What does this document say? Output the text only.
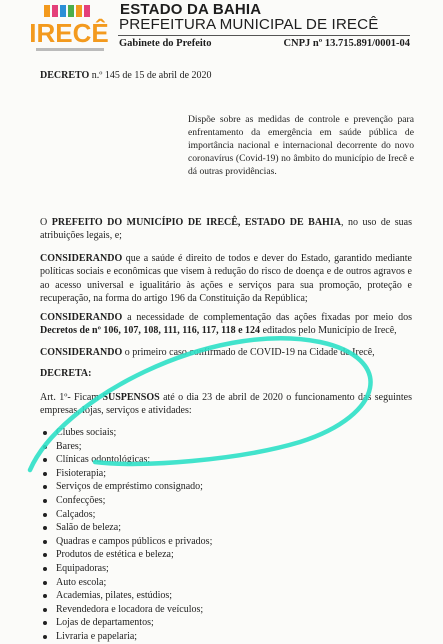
IRECÊ
ESTADO DA BAHIA
PREFEITURA MUNICIPAL DE IRECÊ
Gabinete do Prefeito	CNPJ nº 13.715.891/0001-04
DECRETO n.º 145 de 15 de abril de 2020
Dispõe sobre as medidas de controle e prevenção para enfrentamento da emergência em saúde pública de importância nacional e internacional decorrente do novo coronavírus (Covid-19) no âmbito do município de Irecê e dá outras providências.
O PREFEITO DO MUNICÍPIO DE IRECÊ, ESTADO DE BAHIA, no uso de suas atribuições legais, e;
CONSIDERANDO que a saúde é direito de todos e dever do Estado, garantido mediante políticas sociais e econômicas que visem à redução do risco de doença e de outros agravos e ao acesso universal e igualitário às ações e serviços para sua promoção, proteção e recuperação, na forma do artigo 196 da Constituição da República;
CONSIDERANDO a necessidade de complementação das ações fixadas por meio dos Decretos de nº 106, 107, 108, 111, 116, 117, 118 e 124 editados pelo Município de Irecê,
CONSIDERANDO o primeiro caso confirmado de COVID-19 na Cidade de Irecê,
DECRETA:
Art. 1º- Ficam SUSPENSOS até o dia 23 de abril de 2020 o funcionamento das seguintes empresas, lojas, serviços e atividades:
Clubes sociais;
Bares;
Clínicas odontológicas;
Fisioterapia;
Serviços de empréstimo consignado;
Confecções;
Calçados;
Salão de beleza;
Quadras e campos públicos e privados;
Produtos de estética e beleza;
Equipadoras;
Auto escola;
Academias, pilates, estúdios;
Revendedora e locadora de veículos;
Lojas de departamentos;
Livraria e papelaria;
